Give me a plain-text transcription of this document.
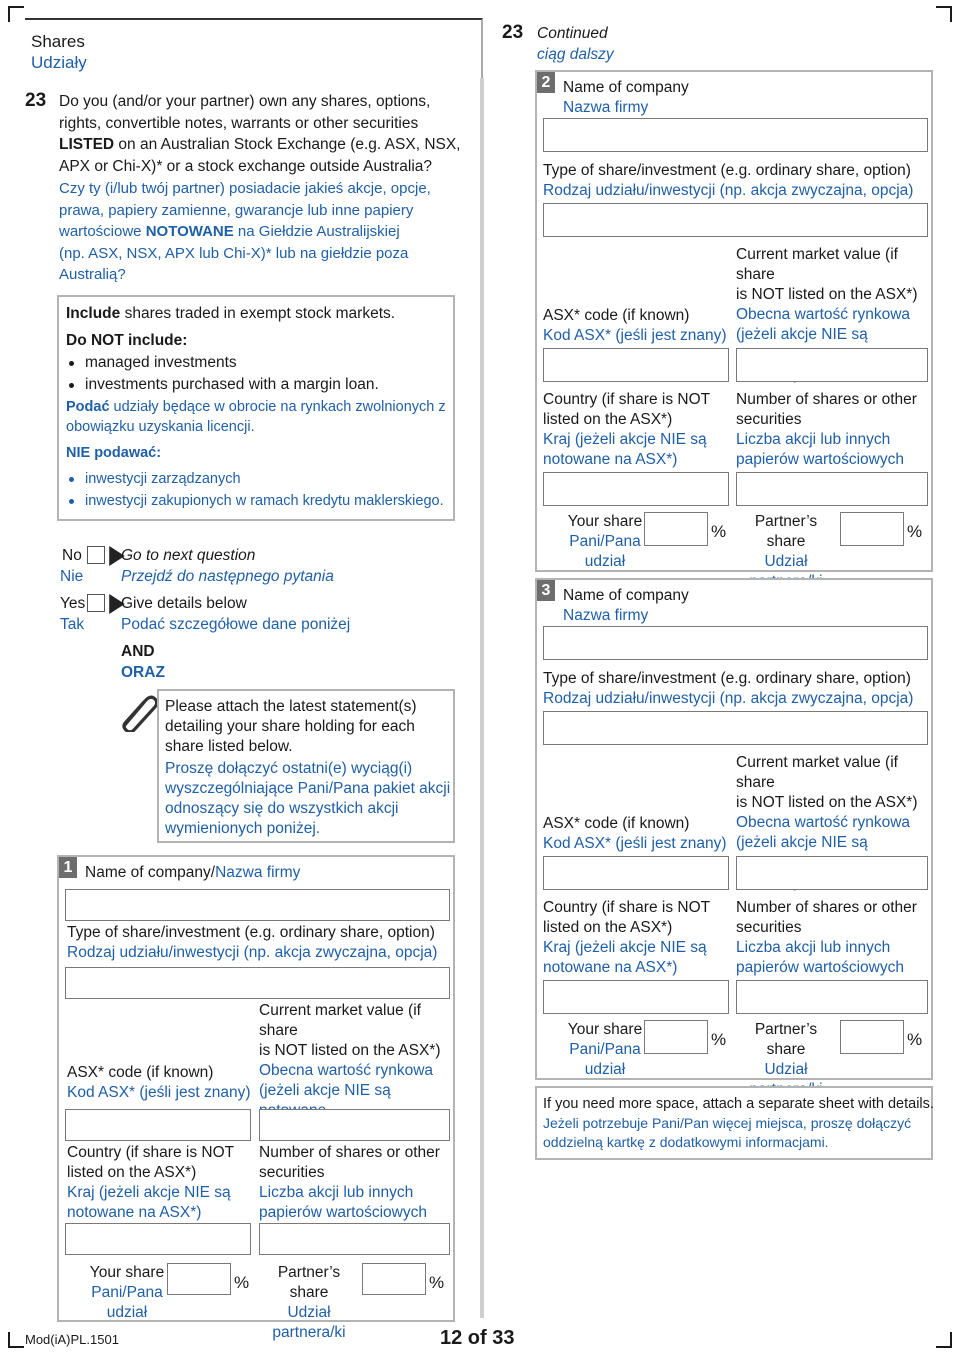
Shares
Udziały
23 Do you (and/or your partner) own any shares, options,
rights, convertible notes, warrants or other securities
LISTED on an Australian Stock Exchange (e.g. ASX, NSX,
APX or Chi-X)* or a stock exchange outside Australia?
Czy ty (i/lub twój partner) posiadacie jakieś akcje, opcje,
prawa, papiery zamienne, gwarancje lub inne papiery
wartościowe NOTOWANE na Giełdzie Australijskiej
(np. ASX, NSX, APX lub Chi-X)* lub na giełdzie poza
Australią?
Include shares traded in exempt stock markets.
Do NOT include:
managed investments
investments purchased with a margin loan.
Podać udziały będące w obrocie na rynkach zwolnionych z
obowiązku uzyskania licencji.
NIE podawać:
inwestycji zarządzanych
inwestycji zakupionych w ramach kredytu maklerskiego.
No
Nie
Go to next question
Przejdź do następnego pytania
Yes
Tak
Give details below
Podać szczegółowe dane poniżej
AND
ORAZ
Please attach the latest statement(s)
detailing your share holding for each
share listed below.
Proszę dołączyć ostatni(e) wyciąg(i)
wyszczególniające Pani/Pana pakiet akcji
odnoszący się do wszystkich akcji
wymienionych poniżej.
1 Name of company/Nazwa firmy
Type of share/investment (e.g. ordinary share, option)
Rodzaj udziału/inwestycji (np. akcja zwyczajna, opcja)
ASX* code (if known)
Kod ASX* (jeśli jest znany)
Current market value (if share
is NOT listed on the ASX*)
Obecna wartość rynkowa
(jeżeli akcje NIE są
Country (if share is NOT
listed on the ASX*)
Kraj (jeżeli akcje NIE są
notowane na ASX*)
Number of shares or other
securities
Liczba akcji lub innych
papierów wartościowych
Your share
Pani/Pana
udział
%
Partner’s share
Udział
partnera/ki
%
23 Continued
ciąg dalszy
2 Name of company
Nazwa firmy
Type of share/investment (e.g. ordinary share, option)
Rodzaj udziału/inwestycji (np. akcja zwyczajna, opcja)
ASX* code (if known)
Kod ASX* (jeśli jest znany)
Current market value (if share
is NOT listed on the ASX*)
Obecna wartość rynkowa
(jeżeli akcje NIE są
Country (if share is NOT
listed on the ASX*)
Kraj (jeżeli akcje NIE są
notowane na ASX*)
Number of shares or other
securities
Liczba akcji lub innych
papierów wartościowych
Your share
Pani/Pana
udział
%
Partner’s share
Udział
%
3 Name of company
Nazwa firmy
Type of share/investment (e.g. ordinary share, option)
Rodzaj udziału/inwestycji (np. akcja zwyczajna, opcja)
ASX* code (if known)
Kod ASX* (jeśli jest znany)
Current market value (if share
is NOT listed on the ASX*)
Obecna wartość rynkowa
(jeżeli akcje NIE są
Country (if share is NOT
listed on the ASX*)
Kraj (jeżeli akcje NIE są
notowane na ASX*)
Number of shares or other
securities
Liczba akcji lub innych
papierów wartościowych
Your share
Pani/Pana
udział
%
Partner’s share
Udział
%
If you need more space, attach a separate sheet with details.
Jeżeli potrzebuje Pani/Pan więcej miejsca, proszę dołączyć
oddzielną kartkę z dodatkowymi informacjami.
Mod(iA)PL.1501	12 of 33
